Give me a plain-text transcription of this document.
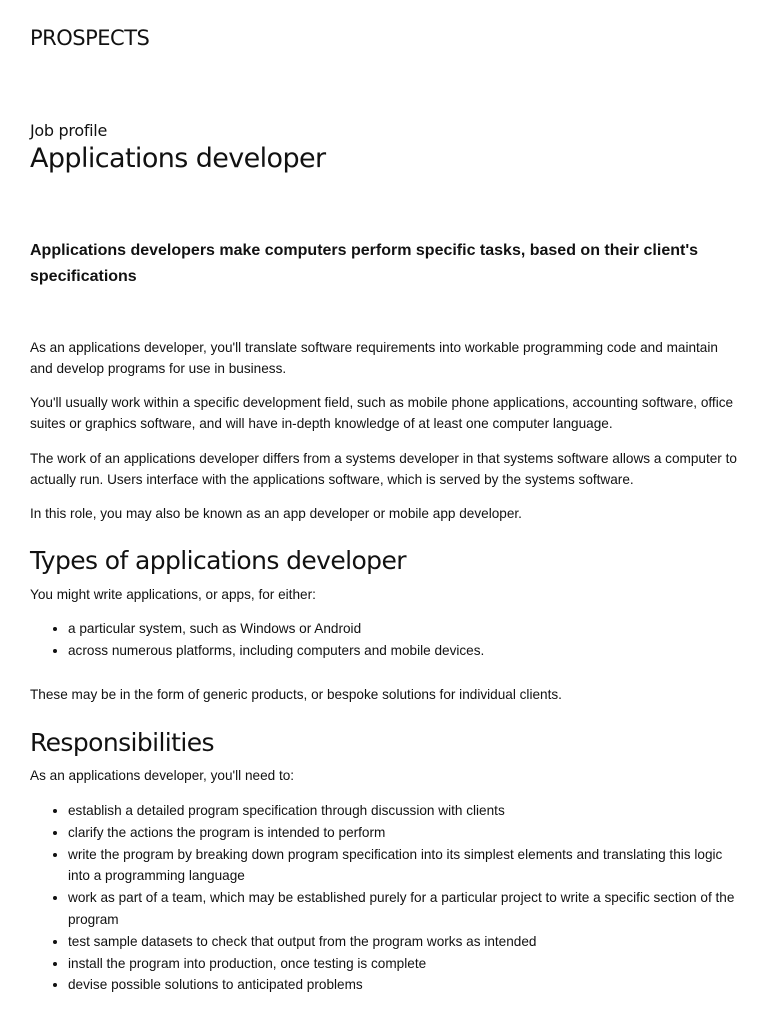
PROSPECTS
Job profile
Applications developer

Applications developers make computers perform specific tasks, based on their client's specifications

As an applications developer, you'll translate software requirements into workable programming code and maintain and develop programs for use in business.

You'll usually work within a specific development field, such as mobile phone applications, accounting software, office suites or graphics software, and will have in-depth knowledge of at least one computer language.

The work of an applications developer differs from a systems developer in that systems software allows a computer to actually run. Users interface with the applications software, which is served by the systems software.

In this role, you may also be known as an app developer or mobile app developer.

Types of applications developer

You might write applications, or apps, for either:

• a particular system, such as Windows or Android
• across numerous platforms, including computers and mobile devices.

These may be in the form of generic products, or bespoke solutions for individual clients.

Responsibilities

As an applications developer, you'll need to:

• establish a detailed program specification through discussion with clients
• clarify the actions the program is intended to perform
• write the program by breaking down program specification into its simplest elements and translating this logic into a programming language
• work as part of a team, which may be established purely for a particular project to write a specific section of the program
• test sample datasets to check that output from the program works as intended
• install the program into production, once testing is complete
• devise possible solutions to anticipated problems
